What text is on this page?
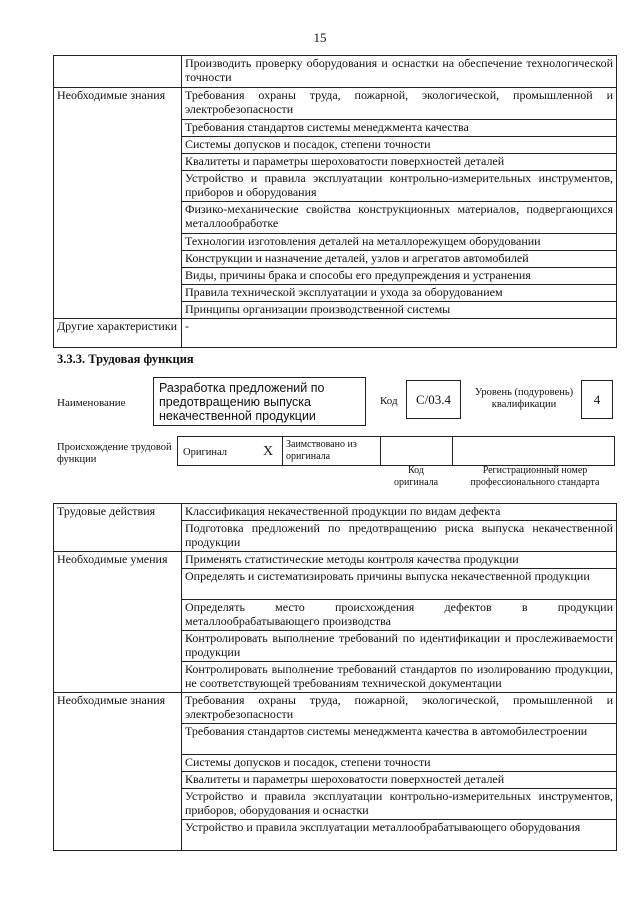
15
	Производить проверку оборудования и оснастки на обеспечение технологической точности
Необходимые знания	Требования охраны труда, пожарной, экологической, промышленной и электробезопасности
	Требования стандартов системы менеджмента качества
	Системы допусков и посадок, степени точности
	Квалитеты и параметры шероховатости поверхностей деталей
	Устройство и правила эксплуатации контрольно-измерительных инструментов, приборов и оборудования
	Физико-механические свойства конструкционных материалов, подвергающихся металлообработке
	Технологии изготовления деталей на металлорежущем оборудовании
	Конструкции и назначение деталей, узлов и агрегатов автомобилей
	Виды, причины брака и способы его предупреждения и устранения
	Правила технической эксплуатации и ухода за оборудованием
	Принципы организации производственной системы
Другие характеристики	-
3.3.3. Трудовая функция
Наименование
Разработка предложений по предотвращению выпуска некачественной продукции
Код	C/03.4	Уровень (подуровень) квалификации	4
Происхождение трудовой функции
Оригинал	X Заимствовано из оригинала
Код оригинала
Регистрационный номер профессионального стандарта
Трудовые действия	Классификация некачественной продукции по видам дефекта
	Подготовка предложений по предотвращению риска выпуска некачественной продукции
Необходимые умения	Применять статистические методы контроля качества продукции
	Определять и систематизировать причины выпуска некачественной продукции
	Определять место происхождения дефектов в продукции металлообрабатывающего производства
	Контролировать выполнение требований по идентификации и прослеживаемости продукции
	Контролировать выполнение требований стандартов по изолированию продукции, не соответствующей требованиям технической документации
Необходимые знания	Требования охраны труда, пожарной, экологической, промышленной и электробезопасности
	Требования стандартов системы менеджмента качества в автомобилестроении
	Системы допусков и посадок, степени точности
	Квалитеты и параметры шероховатости поверхностей деталей
	Устройство и правила эксплуатации контрольно-измерительных инструментов, приборов, оборудования и оснастки
	Устройство и правила эксплуатации металлообрабатывающего оборудования
